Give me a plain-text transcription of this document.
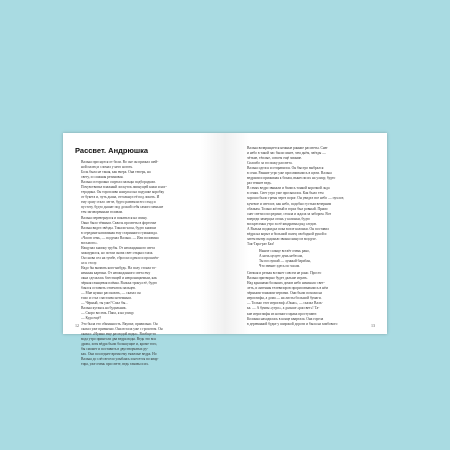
Рассвет. Андрюшка

Валька проснулся от боли. Во сне он прижал шей-

ной палец и сломал у него ноготь.

Боль была не такая, как вчера. Она теперь, на

свету, и сложная резиновая.

Валька осторожно ощупал пальцы подбородком.

Почувствовал влажный лоскуток липнущей кожи и ног-

теродина. Он торопливо нащупал на подушке коробку

от букета и, чуть дыша, оттолкнул её под локоть. И

ему сразу стало легче, будто развеяли его стыд и

пустоту, будто дышат под доской себя самого меньше

тем заговоренным головам.

Валька перевернулся и покатился на спину.

Окно было тёмным. Сквозь просветы в форточке

Валька видел звёзды. Тикали часы, будто кнопки

в середине напоминая ему старинного гуманоида.

«Часов семь, — подумал Валька. — Или половина

восьмого».

Нащупал кнопку трубы. От неожиданного света

зажмурился, но потом снова свет открыл глаза.

Он снова сел на тумбе, сбросил одеяло и прошлёп-

ал к столу.

Надо бы вызвать кого-нибудь. На полу стояла то-

ненькая картина. От неожиданного света ему

окна сделалась блестящей и непроницаемым, как

чёрная глянцевая плёнка. Валька тронул её, будто

боялся оставить отпечаток пальцев.

— Мне нужно рассказать, — сказал он

тихо и стал счастливо неземным.

— Чёрный, ты уже? Спал бы...

Валька кутаясь на будильник.

— Скоро восемь. Папа, я на улицу.

— Куда ещё?

Это была его обязанность. Вкупке, правильно. Он

сказал уже привычно. Она встала уже с грохотом. Он

сказал: «Нужно еще раз водой воды». Вообще-то

вода утро принесли два ведра воды. Ведь это вся

дрова, хотя вёдра были большущие и, кроме того,

бы сможет и поставить в двустворчатых ру-

ках. Она последнее время ему тяжелые ведра. Но

Валька до слёз весело улыбаясь и несется по квар-

тира, уже очень при свете, ведь таковы и их.

12

Валька возвращается нежные ранние рассветы. Снег

и небо в такой час были синее, чем днём, звёзды —

чёткие, тёплые, совсем ещё зимние.

Спасибо за госпожу рассвета.

Валька оделся и отправился. Он быстро выбрался

в сени. Ранние утро уже просачивались в щели. Валька

ведрами и прижимая к бокам, вынесли их на улицу, будто

раз темнее ведь.

В сенях ведро звякали и бились тонкой корочкой льда

в сенях. Свет утро уже просыпался. Как было тем

хорошо было гремя через порог. Он увидел все небо — пухлое,

кучевое и светлое, как небо, подобно густым вечерним

облакам. Только жёлтый в горах был ровный. Прямо

снег светил посредине, стояла и ждала за забором. Вот

впереди замерцал огонь у колонки, будто

воскресенья утро за её квадратны ряд следов.

А Валька поджидал пока возле колонки. Он поставил

вёдра на корыт и большой палец свободной рукой и

затем вытер ладонью звонко кинул в воздухе.

Так-Тара-рат Бах!

Нынче солнце встаёт очень рано,

А ночь целует день небесам,

Ты послушай — лунный барабан,

Что звенит здесь по часам.

Свежая и резкая встанет совсем не рано. Просто

Валька притворно будет дальше играть.

Над крышами больших домов небо начинало свет-

леть, и антенны телевизоров прорисовывались в нём

чёрными тонкими чертами. Они были похожи на

иероглифы, а дома — на листы большой бумаги.

— Только этот иероглиф «Окно», — сказал Валь-

ка. — А буквы «утро», а дальше «рассвет»! Та-

кие иероглифы из ночного мрака проступают.

Колонка находилась в конце квартала. Она горела

в деревянной будке у широкой дороги и была на замбового	13
